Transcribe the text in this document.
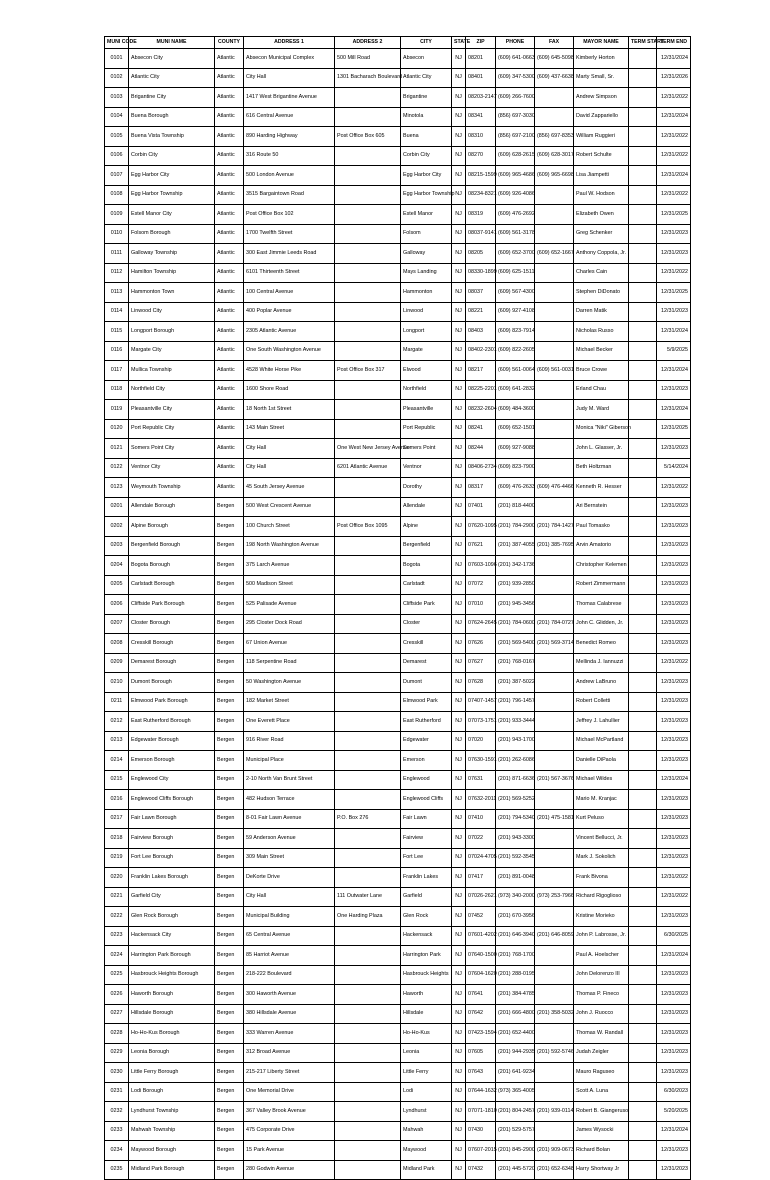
MUNI CODE	MUNI NAME	COUNTY	ADDRESS 1	ADDRESS 2	CITY	STATE	ZIP	PHONE	FAX	MAYOR NAME	TERM START	TERM END
0101	Absecon City	Atlantic	Absecon Municipal Complex	500 Mill Road	Absecon	NJ	08201	(609) 641-0663	(609) 645-5098	Kimberly Horton		12/31/2024
0102	Atlantic City	Atlantic	City Hall	1301 Bacharach Boulevard	Atlantic City	NJ	08401	(609) 347-5300	(609) 437-6638	Marty Small, Sr.		12/31/2026
0103	Brigantine City	Atlantic	1417 West Brigantine Avenue		Brigantine	NJ	08203-2147	(609) 266-7600		Andrew Simpson		12/31/2022
0104	Buena Borough	Atlantic	616 Central Avenue		Minotola	NJ	08341	(856) 697-3030		David Zappariello		12/31/2024
0105	Buena Vista Township	Atlantic	890 Harding Highway	Post Office Box 605	Buena	NJ	08310	(856) 697-2100	(856) 697-8353	William Ruggieri		12/31/2022
0106	Corbin City	Atlantic	316 Route 50		Corbin City	NJ	08270	(609) 628-2615	(609) 628-3017	Robert Schulte		12/31/2022
0107	Egg Harbor City	Atlantic	500 London Avenue		Egg Harbor City	NJ	08215-1599	(609) 965-4686	(609) 965-6698	Lisa Jiampetti		12/31/2024
0108	Egg Harbor Township	Atlantic	3515 Bargaintown Road		Egg Harbor Township	NJ	08234-8321	(609) 926-4086		Paul W. Hodson		12/31/2022
0109	Estell Manor City	Atlantic	Post Office Box 102		Estell Manor	NJ	08319	(609) 476-2692		Elizabeth Owen		12/31/2025
0110	Folsom Borough	Atlantic	1700 Twelfth Street		Folsom	NJ	08037-9141	(609) 561-3178		Greg Schenker		12/31/2023
0111	Galloway Township	Atlantic	300 East Jimmie Leeds Road		Galloway	NJ	08205	(609) 652-3700	(609) 652-1667	Anthony Coppola, Jr.		12/31/2023
0112	Hamilton Township	Atlantic	6101 Thirteenth Street		Mays Landing	NJ	08330-1899	(609) 625-1511		Charles Cain		12/31/2022
0113	Hammonton Town	Atlantic	100 Central Avenue		Hammonton	NJ	08037	(609) 567-4300		Stephen DiDonato		12/31/2025
0114	Linwood City	Atlantic	400 Poplar Avenue		Linwood	NJ	08221	(609) 927-4108		Darren Matik		12/31/2023
0115	Longport Borough	Atlantic	2305 Atlantic Avenue		Longport	NJ	08403	(609) 823-7914		Nicholas Russo		12/31/2024
0116	Margate City	Atlantic	One South Washington Avenue		Margate	NJ	08402-2301	(609) 822-2605		Michael Becker		5/9/2025
0117	Mullica Township	Atlantic	4528 White Horse Pike	Post Office Box 317	Elwood	NJ	08217	(609) 561-0064	(609) 561-0031	Bruce Crowe		12/31/2024
0118	Northfield City	Atlantic	1600 Shore Road		Northfield	NJ	08225-2201	(609) 641-2832		Erland Chau		12/31/2023
0119	Pleasantville City	Atlantic	18 North 1st Street		Pleasantville	NJ	08232-2604	(609) 484-3600		Judy M. Ward		12/31/2024
0120	Port Republic City	Atlantic	143 Main Street		Port Republic	NJ	08241	(609) 652-1501		Monica "Niki" Giberson		12/31/2025
0121	Somers Point City	Atlantic	City Hall	One West New Jersey Avenue	Somers Point	NJ	08244	(609) 927-9088		John L. Glasser, Jr.		12/31/2023
0122	Ventnor City	Atlantic	City Hall	6201 Atlantic Avenue	Ventnor	NJ	08406-2734	(609) 823-7900		Beth Holtzman		5/14/2024
0123	Weymouth Township	Atlantic	45 South Jersey Avenue		Dorothy	NJ	08317	(609) 476-2633	(609) 476-4466	Kenneth R. Hesser		12/31/2022
0201	Allendale Borough	Bergen	500 West Crescent Avenue		Allendale	NJ	07401	(201) 818-4400		Ari Bernstein		12/31/2023
0202	Alpine Borough	Bergen	100 Church Street	Post Office Box 1095	Alpine	NJ	07620-1095	(201) 784-2900	(201) 784-1427	Paul Tomasko		12/31/2023
0203	Bergenfield Borough	Bergen	198 North Washington Avenue		Bergenfield	NJ	07621	(201) 387-4055	(201) 385-7695	Arvin Amatorio		12/31/2023
0204	Bogota Borough	Bergen	375 Larch Avenue		Bogota	NJ	07603-1096	(201) 342-1736		Christopher Kelemen		12/31/2023
0205	Carlstadt Borough	Bergen	500 Madison Street		Carlstadt	NJ	07072	(201) 939-2850		Robert Zimmermann		12/31/2023
0206	Cliffside Park Borough	Bergen	525 Palisade Avenue		Cliffside Park	NJ	07010	(201) 945-3456		Thomas Calabrese		12/31/2023
0207	Closter Borough	Bergen	295 Closter Dock Road		Closter	NJ	07624-2645	(201) 784-0600	(201) 784-0727	John C. Glidden, Jr.		12/31/2023
0208	Cresskill Borough	Bergen	67 Union Avenue		Cresskill	NJ	07626	(201) 569-5400	(201) 569-3714	Benedict Romeo		12/31/2023
0209	Demarest Borough	Bergen	118 Serpentine Road		Demarest	NJ	07627	(201) 768-0167		Mellinda J. Iannuzzi		12/31/2022
0210	Dumont Borough	Bergen	50 Washington Avenue		Dumont	NJ	07628	(201) 387-5022		Andrew LaBruno		12/31/2023
0211	Elmwood Park Borough	Bergen	182 Market Street		Elmwood Park	NJ	07407-1457	(201) 796-1457		Robert Colletti		12/31/2023
0212	East Rutherford Borough	Bergen	One Everett Place		East Rutherford	NJ	07073-1751	(201) 933-3444		Jeffrey J. Lahullier		12/31/2023
0213	Edgewater Borough	Bergen	916 River Road		Edgewater	NJ	07020	(201) 943-1700		Michael McPartland		12/31/2023
0214	Emerson Borough	Bergen	Municipal Place		Emerson	NJ	07630-1591	(201) 262-6086		Danielle DiPaola		12/31/2023
0215	Englewood City	Bergen	2-10 North Van Brunt Street		Englewood	NJ	07631	(201) 871-6636	(201) 567-3676	Michael Wildes		12/31/2024
0216	Englewood Cliffs Borough	Bergen	482 Hudson Terrace		Englewood Cliffs	NJ	07632-2011	(201) 569-5252		Mario M. Kranjac		12/31/2023
0217	Fair Lawn Borough	Bergen	8-01 Fair Lawn Avenue	P.O. Box 276	Fair Lawn	NJ	07410	(201) 794-5340	(201) 475-1581	Kurt Peluso		12/31/2023
0218	Fairview Borough	Bergen	59 Anderson Avenue		Fairview	NJ	07022	(201) 943-3300		Vincent Bellucci, Jr.		12/31/2023
0219	Fort Lee Borough	Bergen	309 Main Street		Fort Lee	NJ	07024-4705	(201) 592-3545		Mark J. Sokolich		12/31/2023
0220	Franklin Lakes Borough	Bergen	DeKorte Drive		Franklin Lakes	NJ	07417	(201) 891-0048		Frank Bivona		12/31/2022
0221	Garfield City	Bergen	City Hall	111 Outwater Lane	Garfield	NJ	07026-2621	(973) 340-2000	(973) 253-7966	Richard Rigoglioso		12/31/2022
0222	Glen Rock Borough	Bergen	Municipal Building	One Harding Plaza	Glen Rock	NJ	07452	(201) 670-3956		Kristine Morieko		12/31/2023
0223	Hackensack City	Bergen	65 Central Avenue		Hackensack	NJ	07601-4202	(201) 646-3940	(201) 646-8059	John P. Labrosse, Jr.		6/30/2025
0224	Harrington Park Borough	Bergen	85 Harriot Avenue		Harrington Park	NJ	07640-1500	(201) 768-1700		Paul A. Hoelscher		12/31/2024
0225	Hasbrouck Heights Borough	Bergen	218-222 Boulevard		Hasbrouck Heights	NJ	07604-1620	(201) 288-0195		John Delorenzo III		12/31/2023
0226	Haworth Borough	Bergen	300 Haworth Avenue		Haworth	NJ	07641	(201) 384-4785		Thomas P. Fineco		12/31/2023
0227	Hillsdale Borough	Bergen	380 Hillsdale Avenue		Hillsdale	NJ	07642	(201) 666-4800	(201) 358-5032	John J. Ruocco		12/31/2023
0228	Ho-Ho-Kus Borough	Bergen	333 Warren Avenue		Ho-Ho-Kus	NJ	07423-1594	(201) 652-4400		Thomas W. Randall		12/31/2023
0229	Leonia Borough	Bergen	312 Broad Avenue		Leonia	NJ	07605	(201) 944-2935	(201) 592-5746	Judah Zeigler		12/31/2023
0230	Little Ferry Borough	Bergen	215-217 Liberty Street		Little Ferry	NJ	07643	(201) 641-9234		Mauro Raguseo		12/31/2023
0231	Lodi Borough	Bergen	One Memorial Drive		Lodi	NJ	07644-1632	(973) 365-4005		Scott A. Luna		6/30/2023
0232	Lyndhurst Township	Bergen	367 Valley Brook Avenue		Lyndhurst	NJ	07071-1810	(201) 804-2457	(201) 939-0114	Robert B. Giangeruso		5/20/2025
0233	Mahwah Township	Bergen	475 Corporate Drive		Mahwah	NJ	07430	(201) 529-5757		James Wysocki		12/31/2024
0234	Maywood Borough	Bergen	15 Park Avenue		Maywood	NJ	07607-2015	(201) 845-2900	(201) 909-0673	Richard Bolan		12/31/2023
0235	Midland Park Borough	Bergen	280 Godwin Avenue		Midland Park	NJ	07432	(201) 445-5720	(201) 652-6348	Harry Shortway Jr		12/31/2023
